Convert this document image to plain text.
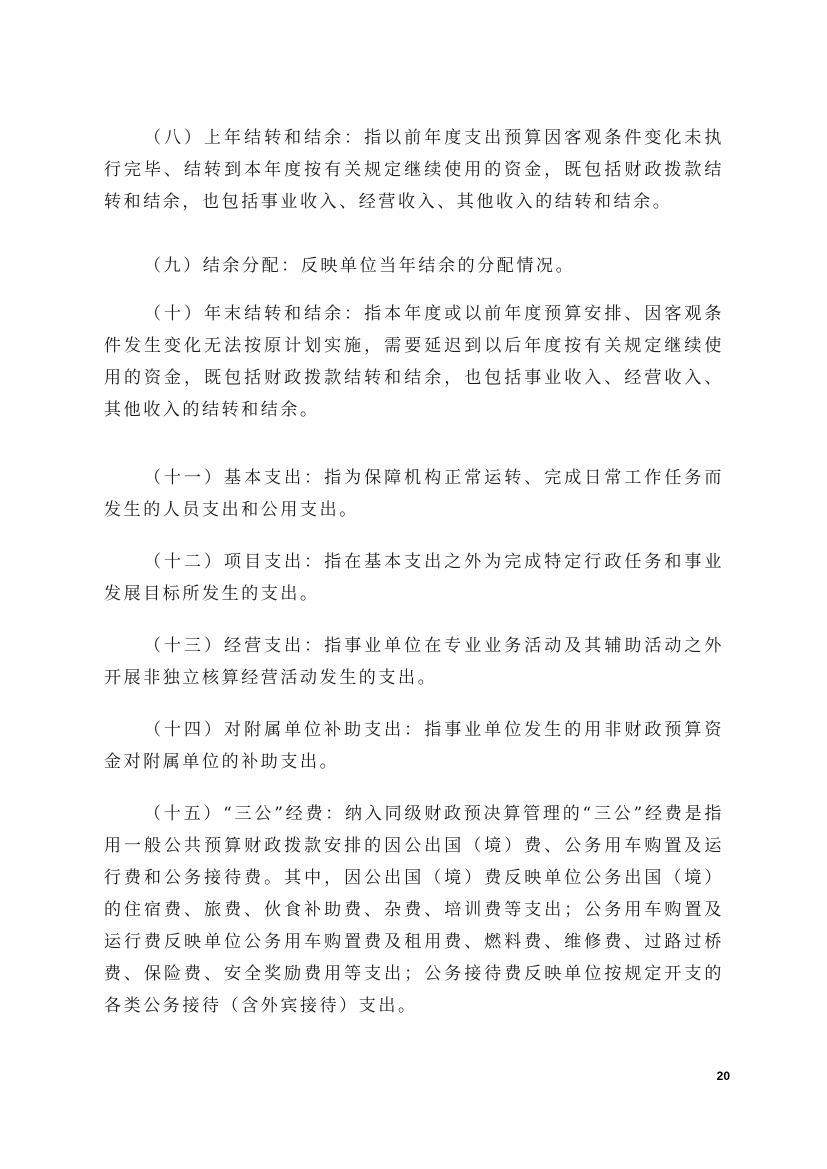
（八）上年结转和结余：指以前年度支出预算因客观条件变化未执行完毕、结转到本年度按有关规定继续使用的资金，既包括财政拨款结转和结余，也包括事业收入、经营收入、其他收入的结转和结余。

（九）结余分配：反映单位当年结余的分配情况。

（十）年末结转和结余：指本年度或以前年度预算安排、因客观条件发生变化无法按原计划实施，需要延迟到以后年度按有关规定继续使用的资金，既包括财政拨款结转和结余，也包括事业收入、经营收入、其他收入的结转和结余。

（十一）基本支出：指为保障机构正常运转、完成日常工作任务而发生的人员支出和公用支出。

（十二）项目支出：指在基本支出之外为完成特定行政任务和事业发展目标所发生的支出。

（十三）经营支出：指事业单位在专业业务活动及其辅助活动之外开展非独立核算经营活动发生的支出。

（十四）对附属单位补助支出：指事业单位发生的用非财政预算资金对附属单位的补助支出。

（十五）“三公”经费：纳入同级财政预决算管理的“三公”经费是指用一般公共预算财政拨款安排的因公出国（境）费、公务用车购置及运行费和公务接待费。其中，因公出国（境）费反映单位公务出国（境）的住宿费、旅费、伙食补助费、杂费、培训费等支出；公务用车购置及运行费反映单位公务用车购置费及租用费、燃料费、维修费、过路过桥费、保险费、安全奖励费用等支出；公务接待费反映单位按规定开支的各类公务接待（含外宾接待）支出。

20
